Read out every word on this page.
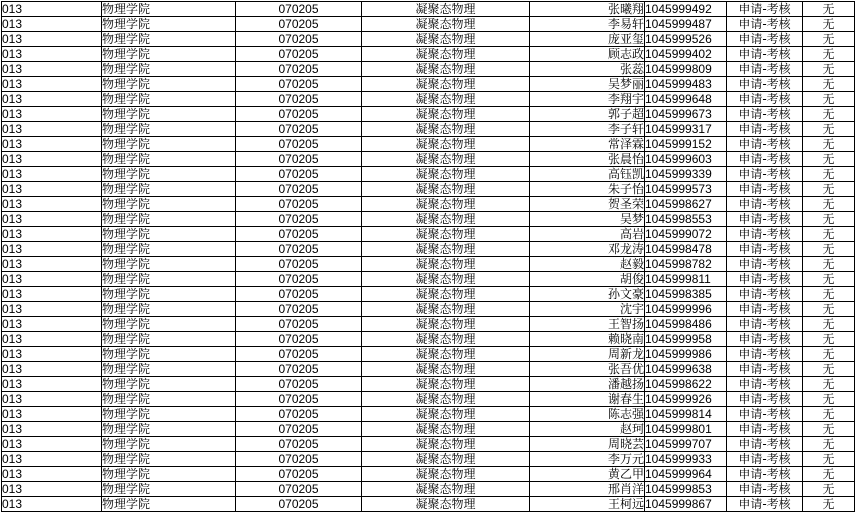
013	物理学院	070205	凝聚态物理	张曦翔	1045999492	申请-考核	无
013	物理学院	070205	凝聚态物理	李易轩	1045999487	申请-考核	无
013	物理学院	070205	凝聚态物理	庞亚玺	1045999526	申请-考核	无
013	物理学院	070205	凝聚态物理	顾志政	1045999402	申请-考核	无
013	物理学院	070205	凝聚态物理	张蕊	1045999809	申请-考核	无
013	物理学院	070205	凝聚态物理	吴梦丽	1045999483	申请-考核	无
013	物理学院	070205	凝聚态物理	李翔宇	1045999648	申请-考核	无
013	物理学院	070205	凝聚态物理	郭子超	1045999673	申请-考核	无
013	物理学院	070205	凝聚态物理	李子轩	1045999317	申请-考核	无
013	物理学院	070205	凝聚态物理	常泽霖	1045999152	申请-考核	无
013	物理学院	070205	凝聚态物理	张晨怡	1045999603	申请-考核	无
013	物理学院	070205	凝聚态物理	高钰凯	1045999339	申请-考核	无
013	物理学院	070205	凝聚态物理	朱子怡	1045999573	申请-考核	无
013	物理学院	070205	凝聚态物理	贺圣荣	1045998627	申请-考核	无
013	物理学院	070205	凝聚态物理	吴梦	1045998553	申请-考核	无
013	物理学院	070205	凝聚态物理	高岩	1045999072	申请-考核	无
013	物理学院	070205	凝聚态物理	邓龙涛	1045998478	申请-考核	无
013	物理学院	070205	凝聚态物理	赵毅	1045998782	申请-考核	无
013	物理学院	070205	凝聚态物理	胡俊	1045999811	申请-考核	无
013	物理学院	070205	凝聚态物理	孙文豪	1045998385	申请-考核	无
013	物理学院	070205	凝聚态物理	沈宇	1045999996	申请-考核	无
013	物理学院	070205	凝聚态物理	王智扬	1045998486	申请-考核	无
013	物理学院	070205	凝聚态物理	赖晓南	1045999958	申请-考核	无
013	物理学院	070205	凝聚态物理	周新龙	1045999986	申请-考核	无
013	物理学院	070205	凝聚态物理	张吾优	1045999638	申请-考核	无
013	物理学院	070205	凝聚态物理	潘越扬	1045998622	申请-考核	无
013	物理学院	070205	凝聚态物理	谢春生	1045999926	申请-考核	无
013	物理学院	070205	凝聚态物理	陈志强	1045999814	申请-考核	无
013	物理学院	070205	凝聚态物理	赵珂	1045999801	申请-考核	无
013	物理学院	070205	凝聚态物理	周晓芸	1045999707	申请-考核	无
013	物理学院	070205	凝聚态物理	李万元	1045999933	申请-考核	无
013	物理学院	070205	凝聚态物理	黄乙甲	1045999964	申请-考核	无
013	物理学院	070205	凝聚态物理	邢肖洋	1045999853	申请-考核	无
013	物理学院	070205	凝聚态物理	王柯远	1045999867	申请-考核	无
